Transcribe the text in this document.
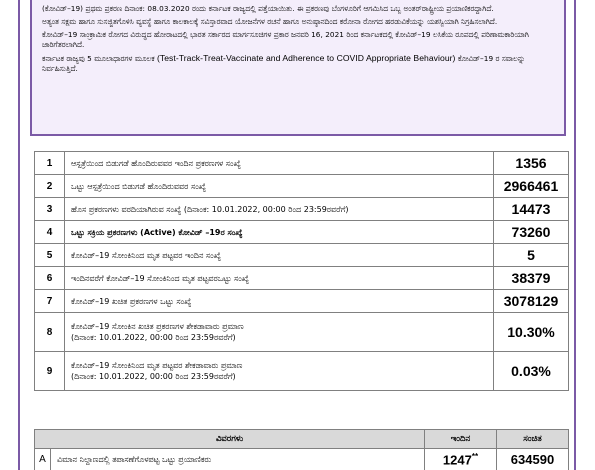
(ಕೋವಿಡ್–19) ಪ್ರಥಮ ಪ್ರಕರಣ ದಿನಾಂಕ: 08.03.2020 ರಂದು ಕರ್ನಾಟಕ ರಾಜ್ಯದಲ್ಲಿ ಪತ್ತೆಯಾಯಿತು. ಈ ಪ್ರಕರಣವು ಬೆಂಗಳೂರಿಗೆ ಆಗಮಿಸಿದ ಒಬ್ಬ ಅಂತರ್‌ರಾಷ್ಟ್ರೀಯ ಪ್ರಯಾಣಿಕರದ್ದಾಗಿದೆ.

ಅತ್ಯಂತ ಸಕ್ಷಮ ಹಾಗೂ ಸುಸಜ್ಜಿತಗೊಳಿಸಿ ವ್ಯವಸ್ಥೆ ಹಾಗೂ ಕಾಲಕಾಲಕ್ಕೆ ಸವಿಸ್ತಾರವಾದ ಯೋಜನೆಗಳ ರಚನೆ ಹಾಗೂ ಅನುಷ್ಠಾನದಿಂದ ಕರೋನಾ ರೋಗದ ಹರಡುವಿಕೆಯನ್ನು ಯಶಸ್ವಿಯಾಗಿ ನಿಗ್ರಹಿಸಲಾಗಿದೆ.

ಕೋವಿಡ್–19 ಸಾಂಕ್ರಾಮಿಕ ರೋಗದ ವಿರುದ್ಧದ ಹೋರಾಟದಲ್ಲಿ ಭಾರತ ಸರ್ಕಾರದ ಮಾರ್ಗಸೂಚಿಗಳ ಪ್ರಕಾರ ಜನವರಿ 16, 2021 ರಿಂದ ಕರ್ನಾಟಕದಲ್ಲಿ ಕೋವಿಡ್–19 ಲಸಿಕೆಯ ರೂಪದಲ್ಲಿ ಪರಿಣಾಮಕಾರಿಯಾಗಿ ಜಾರಿಗೆತರಲಾಗಿದೆ.

ಕರ್ನಾಟಕ ರಾಜ್ಯವು 5 ಮೂಲಾಧಾರಗಳ ಮೂಲಕ (Test-Track-Treat-Vaccinate and Adherence to COVID Appropriate Behaviour) ಕೋವಿಡ್–19 ರ ಸವಾಲನ್ನು ನಿರ್ವಹಿಸುತ್ತಿದೆ.

1	ಆಸ್ಪತ್ರೆಯಿಂದ ಬಿಡುಗಡೆ ಹೊಂದಿರುವವರ ಇಂದಿನ ಪ್ರಕರಣಗಳ ಸಂಖ್ಯೆ	1356
2	ಒಟ್ಟು ಆಸ್ಪತ್ರೆಯಿಂದ ಬಿಡುಗಡೆ ಹೊಂದಿರುವವರ ಸಂಖ್ಯೆ	2966461
3	ಹೊಸ ಪ್ರಕರಣಗಳು ವರದಿಯಾಗಿರುವ ಸಂಖ್ಯೆ (ದಿನಾಂಕ: 10.01.2022, 00:00 ರಿಂದ 23:59ರವರೆಗೆ)	14473
4	ಒಟ್ಟು ಸಕ್ರಿಯ ಪ್ರಕರಣಗಳು (Active) ಕೋವಿಡ್ –19ರ ಸಂಖ್ಯೆ	73260
5	ಕೋವಿಡ್–19 ಸೋಂಕಿನಿಂದ ಮೃತ ಪಟ್ಟವರ ಇಂದಿನ ಸಂಖ್ಯೆ	5
6	ಇಂದಿನವರೆಗೆ ಕೋವಿಡ್–19 ಸೋಂಕಿನಿಂದ ಮೃತ ಪಟ್ಟವರಒಟ್ಟು ಸಂಖ್ಯೆ	38379
7	ಕೋವಿಡ್–19 ಖಚಿತ ಪ್ರಕರಣಗಳ ಒಟ್ಟು ಸಂಖ್ಯೆ	3078129
8	ಕೋವಿಡ್–19 ಸೋಂಕಿನ ಖಚಿತ ಪ್ರಕರಣಗಳ ಶೇಕಡಾವಾರು ಪ್ರಮಾಣ
(ದಿನಾಂಕ: 10.01.2022, 00:00 ರಿಂದ 23:59ರವರೆಗೆ)	10.30%
9	ಕೋವಿಡ್–19 ಸೋಂಕಿನಿಂದ ಮೃತ ಪಟ್ಟವರ ಶೇಕಡಾವಾರು ಪ್ರಮಾಣ
(ದಿನಾಂಕ: 10.01.2022, 00:00 ರಿಂದ 23:59ರವರೆಗೆ)	0.03%
ವಿವರಗಳು		ಇಂದಿನ	ಸಂಚಿತ
A	ವಿಮಾನ ನಿಲ್ದಾಣದಲ್ಲಿ ತಪಾಸಣೆಗೊಳಪಟ್ಟ ಒಟ್ಟು ಪ್ರಯಾಣಿಕರು	1247**	634590
